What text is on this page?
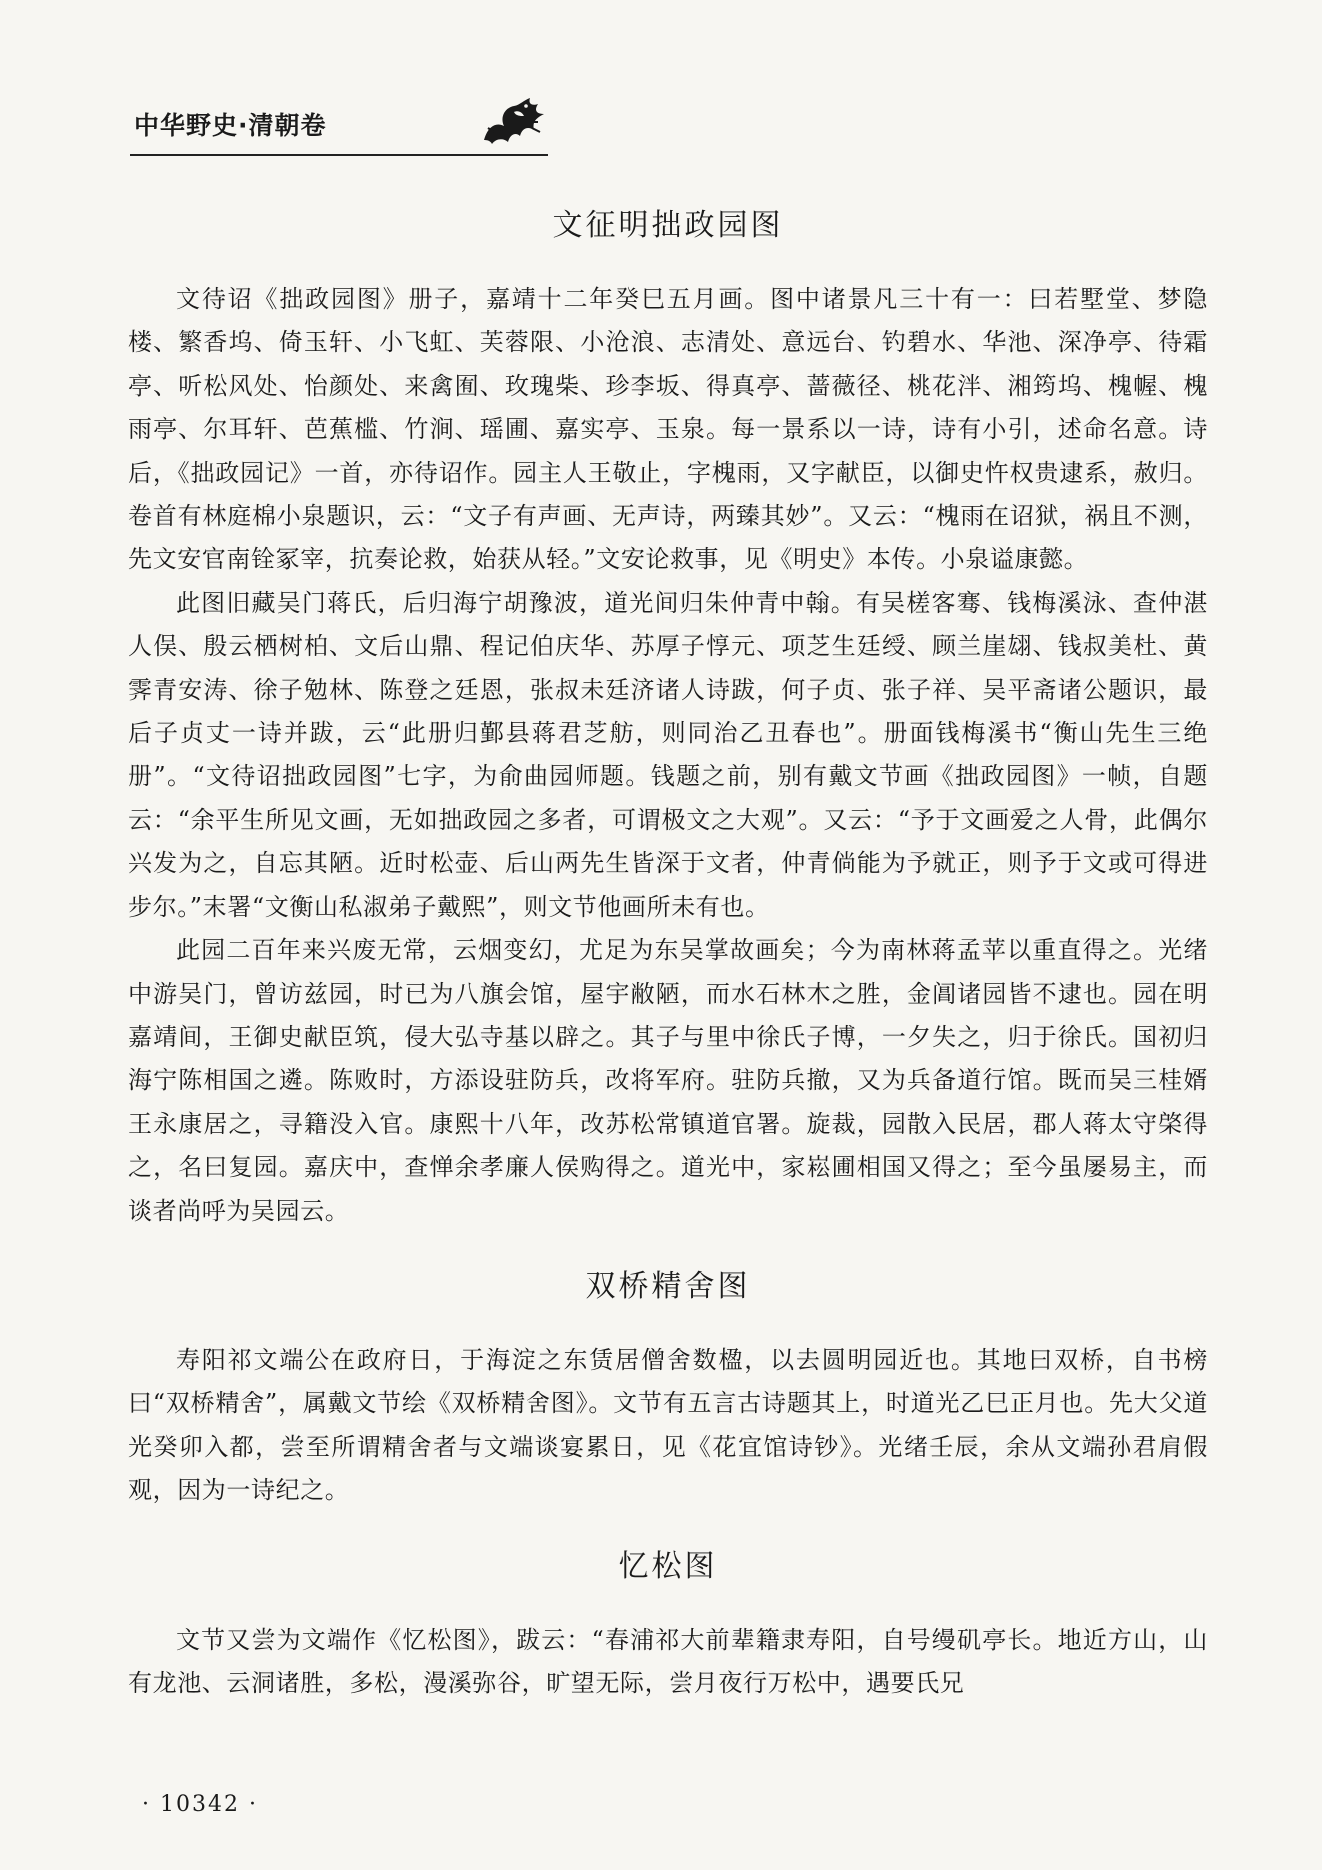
中华野史·清朝卷
文征明拙政园图

文待诏《拙政园图》册子，嘉靖十二年癸巳五月画。图中诸景凡三十有一：曰若墅堂、梦隐楼、繁香坞、倚玉轩、小飞虹、芙蓉限、小沧浪、志清处、意远台、钓碧水、华池、深净亭、待霜亭、听松风处、怡颜处、来禽囿、玫瑰柴、珍李坂、得真亭、蔷薇径、桃花泮、湘筠坞、槐幄、槐雨亭、尔耳轩、芭蕉槛、竹涧、瑶圃、嘉实亭、玉泉。每一景系以一诗，诗有小引，述命名意。诗后，《拙政园记》一首，亦待诏作。园主人王敬止，字槐雨，又字献臣，以御史忤权贵逮系，赦归。卷首有林庭棉小泉题识，云：“文子有声画、无声诗，两臻其妙”。又云：“槐雨在诏狱，祸且不测，先文安官南铨冢宰，抗奏论救，始获从轻。”文安论救事，见《明史》本传。小泉谥康懿。

此图旧藏吴门蒋氏，后归海宁胡豫波，道光间归朱仲青中翰。有吴槎客骞、钱梅溪泳、查仲湛人俣、殷云栖树柏、文后山鼎、程记伯庆华、苏厚子惇元、项芝生廷绶、顾兰崖翃、钱叔美杜、黄霁青安涛、徐子勉林、陈登之廷恩，张叔未廷济诸人诗跋，何子贞、张子祥、吴平斋诸公题识，最后子贞丈一诗并跋，云“此册归鄞县蒋君芝舫，则同治乙丑春也”。册面钱梅溪书“衡山先生三绝册”。“文待诏拙政园图”七字，为俞曲园师题。钱题之前，别有戴文节画《拙政园图》一帧，自题云：“余平生所见文画，无如拙政园之多者，可谓极文之大观”。又云：“予于文画爱之人骨，此偶尔兴发为之，自忘其陋。近时松壶、后山两先生皆深于文者，仲青倘能为予就正，则予于文或可得进步尔。”末署“文衡山私淑弟子戴熙”，则文节他画所未有也。

此园二百年来兴废无常，云烟变幻，尤足为东吴掌故画矣；今为南林蒋孟苹以重直得之。光绪中游吴门，曾访兹园，时已为八旗会馆，屋宇敝陋，而水石林木之胜，金阊诸园皆不逮也。园在明嘉靖间，王御史献臣筑，侵大弘寺基以辟之。其子与里中徐氏子博，一夕失之，归于徐氏。国初归海宁陈相国之遴。陈败时，方添设驻防兵，改将军府。驻防兵撤，又为兵备道行馆。既而吴三桂婿王永康居之，寻籍没入官。康熙十八年，改苏松常镇道官署。旋裁，园散入民居，郡人蒋太守棨得之，名曰复园。嘉庆中，查惮余孝廉人侯购得之。道光中，家崧圃相国又得之；至今虽屡易主，而谈者尚呼为吴园云。

双桥精舍图

寿阳祁文端公在政府日，于海淀之东赁居僧舍数楹，以去圆明园近也。其地曰双桥，自书榜曰“双桥精舍”，属戴文节绘《双桥精舍图》。文节有五言古诗题其上，时道光乙巳正月也。先大父道光癸卯入都，尝至所谓精舍者与文端谈宴累日，见《花宜馆诗钞》。光绪壬辰，余从文端孙君肩假观，因为一诗纪之。

忆松图

文节又尝为文端作《忆松图》，跋云：“春浦祁大前辈籍隶寿阳，自号缦矶亭长。地近方山，山有龙池、云洞诸胜，多松，漫溪弥谷，旷望无际，尝月夜行万松中，遇要氏兄

· 10342 ·
